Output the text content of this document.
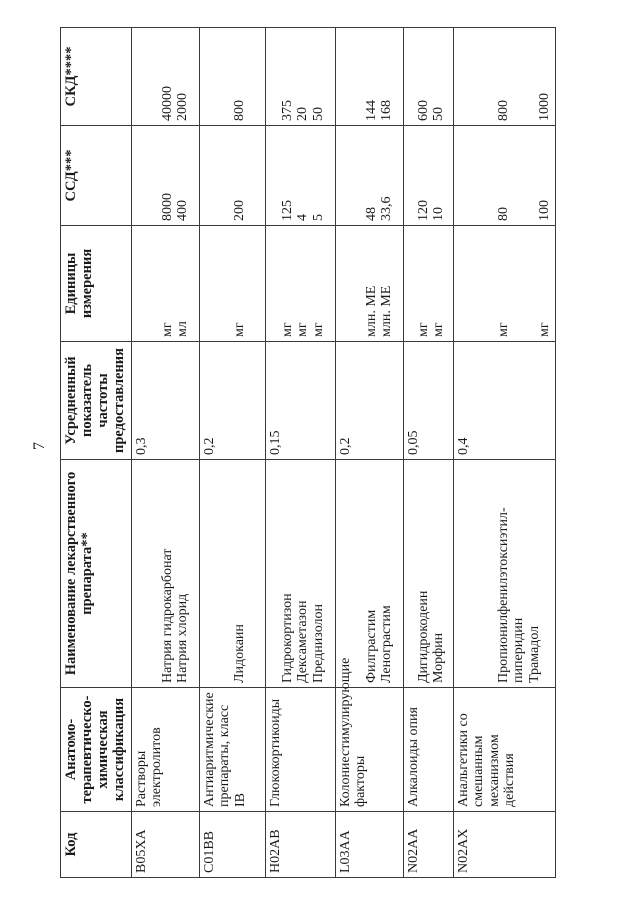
7
Код	Анатомо-терапевтическо-химическая классификация	Наименование лекарственного препарата**	Усредненный показатель частоты предоставления	Единицы измерения	ССД***	СКД****
B05XA	Растворы электролитов	Натрия гидрокарбонат Натрия хлорид	0,3	мг мл	8000 400	40000 2000

C01BB	Антиаритмические препараты, класс IB	Лидокаин	0,2	мг	200	800

H02AB	Глюкокортикоиды	Гидрокортизон Дексаметазон Преднизолон	0,15	мг мг мг	125 4 5	375 20 50

L03AA	Колониестимулирующие факторы	Филграстим Ленограстим	0,2	млн. МЕ млн. МЕ	48 33,6	144 168

N02AA	Алкалоиды опия	Дигидрокодеин Морфин	0,05	мг мг	120 10	600 50

N02AX	Анальгетики со смешанным механизмом действия	Пропионилфенилэтоксиэтил-пиперидин Трамадол	0,4	мг мг	80 100	800 1000
